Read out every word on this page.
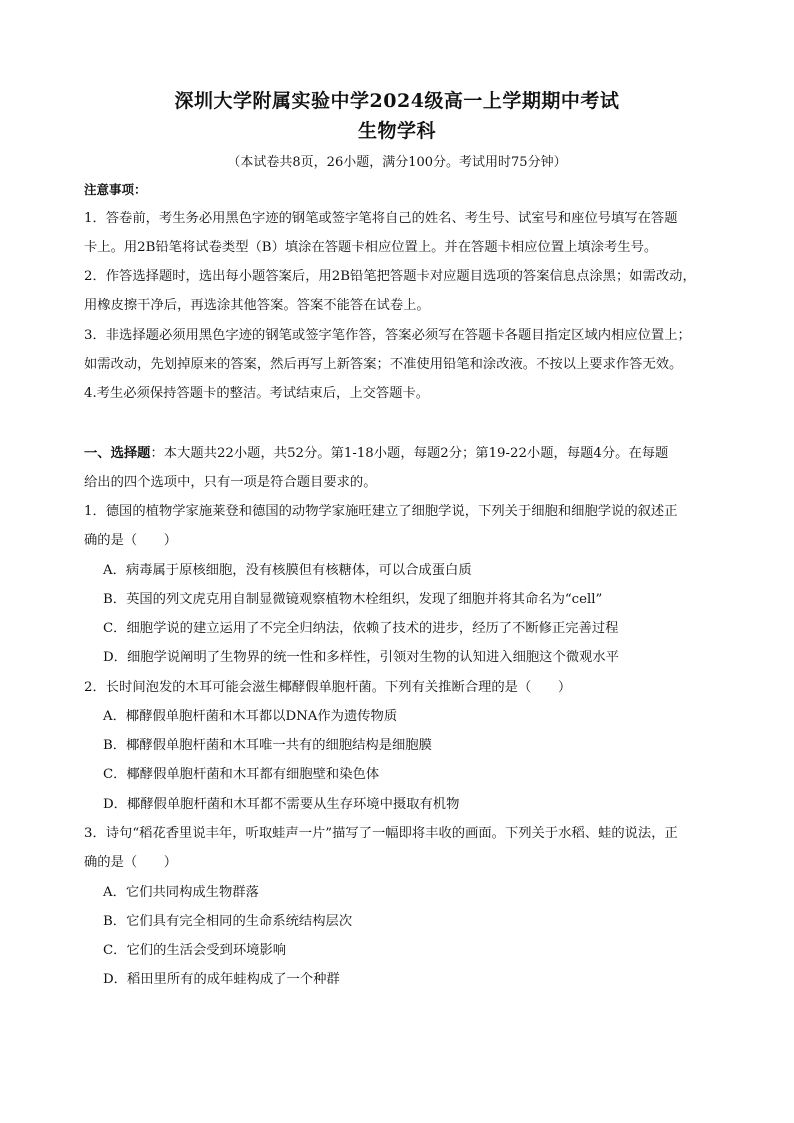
深圳大学附属实验中学2024级高一上学期期中考试
生物学科
（本试卷共8页，26小题，满分100分。考试用时75分钟）
注意事项：
1．答卷前，考生务必用黑色字迹的钢笔或签字笔将自己的姓名、考生号、试室号和座位号填写在答题
卡上。用2B铅笔将试卷类型（B）填涂在答题卡相应位置上。并在答题卡相应位置上填涂考生号。
2．作答选择题时，选出每小题答案后，用2B铅笔把答题卡对应题目选项的答案信息点涂黑；如需改动，
用橡皮擦干净后，再选涂其他答案。答案不能答在试卷上。
3．非选择题必须用黑色字迹的钢笔或签字笔作答，答案必须写在答题卡各题目指定区域内相应位置上；
如需改动，先划掉原来的答案，然后再写上新答案；不准使用铅笔和涂改液。不按以上要求作答无效。
4.考生必须保持答题卡的整洁。考试结束后，上交答题卡。
一、选择题：本大题共22小题，共52分。第1-18小题，每题2分；第19-22小题，每题4分。在每题
给出的四个选项中，只有一项是符合题目要求的。
1．德国的植物学家施莱登和德国的动物学家施旺建立了细胞学说，下列关于细胞和细胞学说的叙述正
确的是（　　）
A．病毒属于原核细胞，没有核膜但有核糖体，可以合成蛋白质
B．英国的列文虎克用自制显微镜观察植物木栓组织，发现了细胞并将其命名为“cell”
C．细胞学说的建立运用了不完全归纳法，依赖了技术的进步，经历了不断修正完善过程
D．细胞学说阐明了生物界的统一性和多样性，引领对生物的认知进入细胞这个微观水平
2．长时间泡发的木耳可能会滋生椰酵假单胞杆菌。下列有关推断合理的是（　　）
A．椰酵假单胞杆菌和木耳都以DNA作为遗传物质
B．椰酵假单胞杆菌和木耳唯一共有的细胞结构是细胞膜
C．椰酵假单胞杆菌和木耳都有细胞壁和染色体
D．椰酵假单胞杆菌和木耳都不需要从生存环境中摄取有机物
3．诗句“稻花香里说丰年，听取蛙声一片”描写了一幅即将丰收的画面。下列关于水稻、蛙的说法，正
确的是（　　）
A．它们共同构成生物群落
B．它们具有完全相同的生命系统结构层次
C．它们的生活会受到环境影响
D．稻田里所有的成年蛙构成了一个种群
